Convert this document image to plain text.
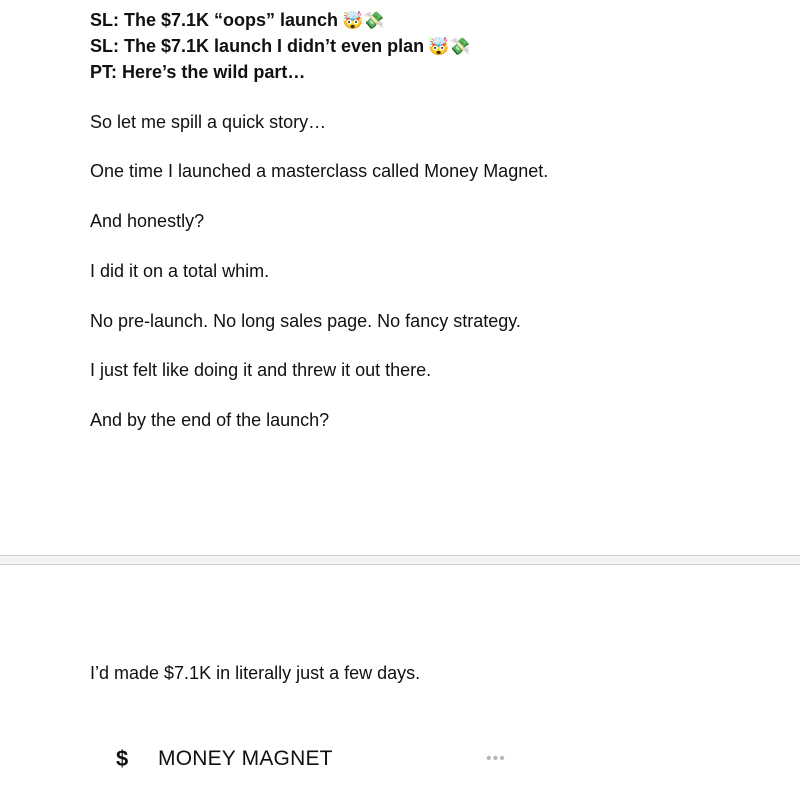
SL: The $7.1K “oops” launch 🤯💸
SL: The $7.1K launch I didn’t even plan 🤯💸
PT: Here’s the wild part…
So let me spill a quick story…
One time I launched a masterclass called Money Magnet.
And honestly?
I did it on a total whim.
No pre-launch. No long sales page. No fancy strategy.
I just felt like doing it and threw it out there.
And by the end of the launch?
I’d made $7.1K in literally just a few days.
$	MONEY MAGNET	•••
